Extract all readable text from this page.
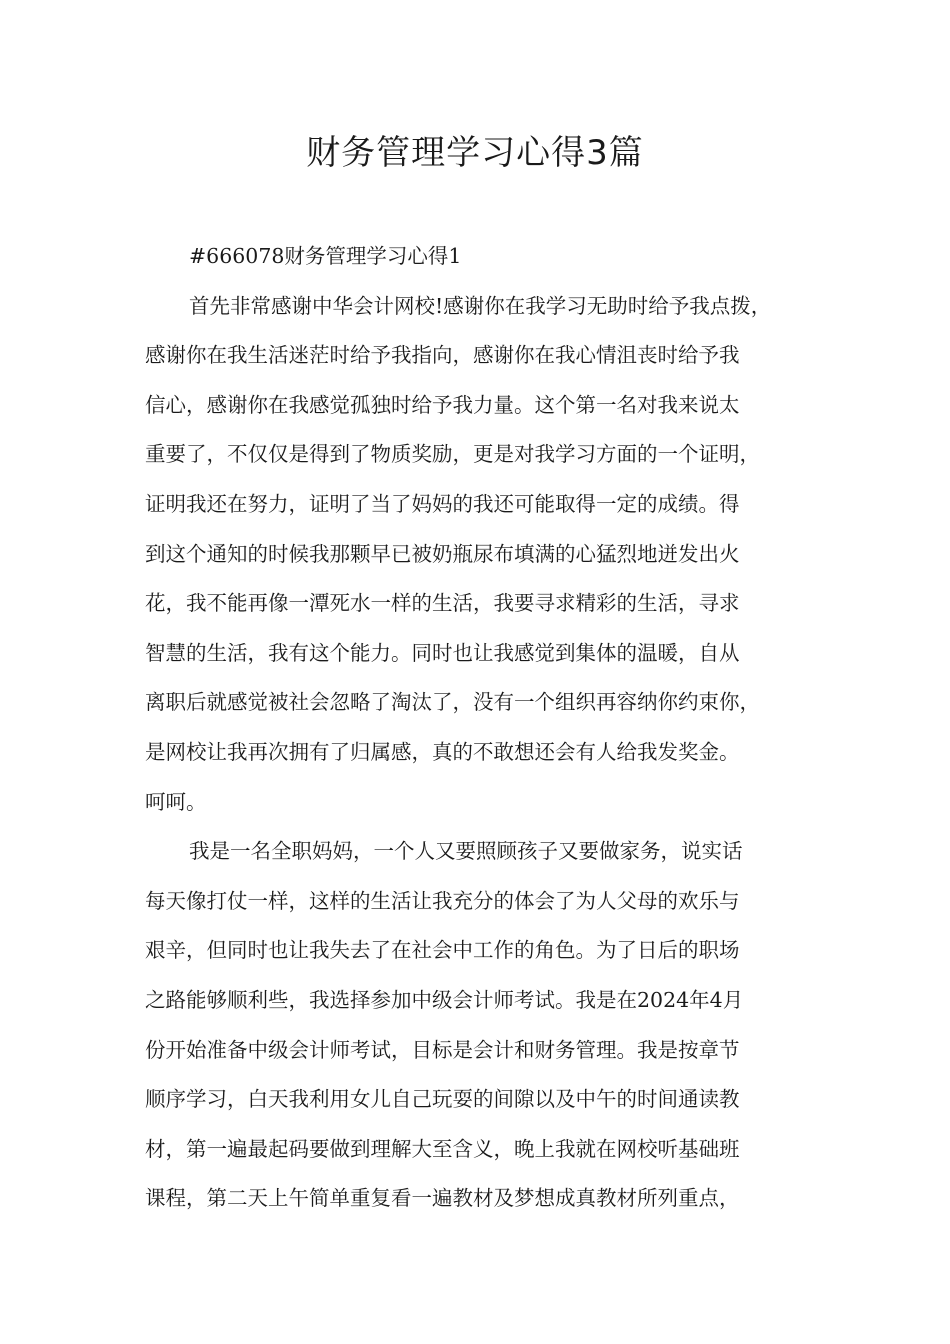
财务管理学习心得3篇
#666078财务管理学习心得1
首先非常感谢中华会计网校!感谢你在我学习无助时给予我点拨，
感谢你在我生活迷茫时给予我指向，感谢你在我心情沮丧时给予我
信心，感谢你在我感觉孤独时给予我力量。这个第一名对我来说太
重要了，不仅仅是得到了物质奖励，更是对我学习方面的一个证明，
证明我还在努力，证明了当了妈妈的我还可能取得一定的成绩。得
到这个通知的时候我那颗早已被奶瓶尿布填满的心猛烈地迸发出火
花，我不能再像一潭死水一样的生活，我要寻求精彩的生活，寻求
智慧的生活，我有这个能力。同时也让我感觉到集体的温暖，自从
离职后就感觉被社会忽略了淘汰了，没有一个组织再容纳你约束你，
是网校让我再次拥有了归属感，真的不敢想还会有人给我发奖金。
呵呵。
我是一名全职妈妈，一个人又要照顾孩子又要做家务，说实话
每天像打仗一样，这样的生活让我充分的体会了为人父母的欢乐与
艰辛，但同时也让我失去了在社会中工作的角色。为了日后的职场
之路能够顺利些，我选择参加中级会计师考试。我是在2024年4月
份开始准备中级会计师考试，目标是会计和财务管理。我是按章节
顺序学习，白天我利用女儿自己玩耍的间隙以及中午的时间通读教
材，第一遍最起码要做到理解大至含义，晚上我就在网校听基础班
课程，第二天上午简单重复看一遍教材及梦想成真教材所列重点，
